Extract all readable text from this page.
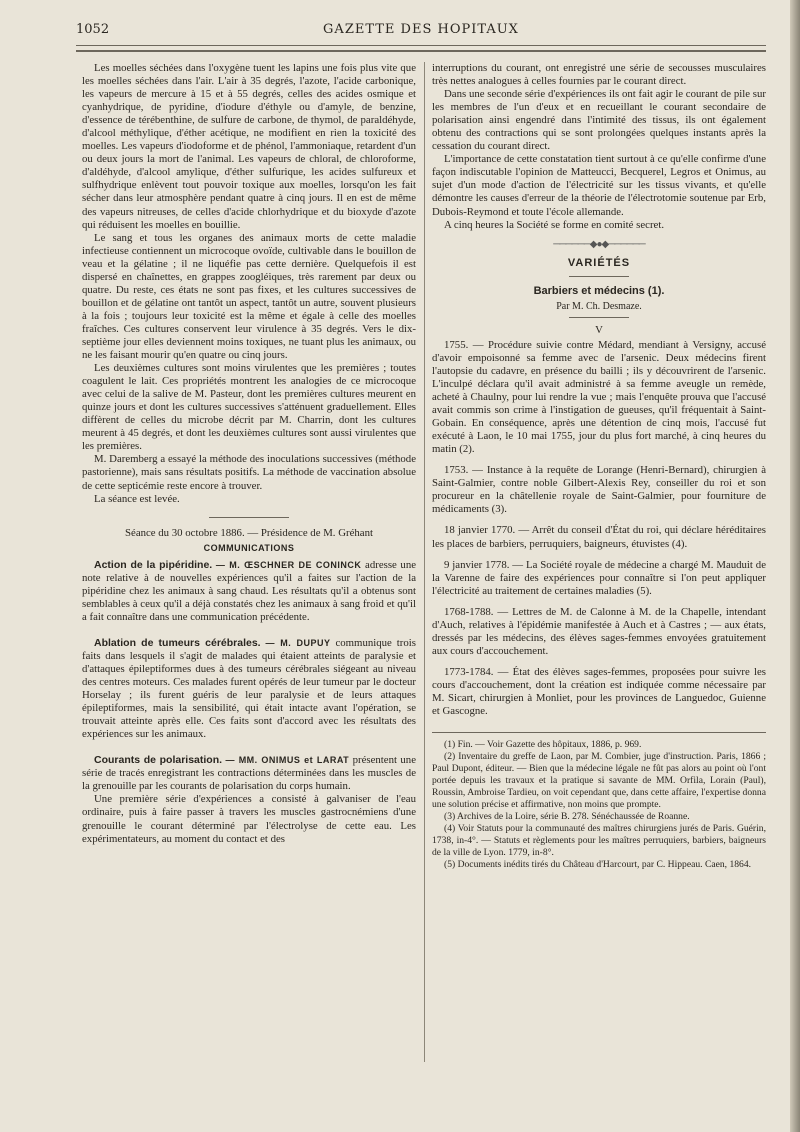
1052	GAZETTE DES HOPITAUX

Les moelles séchées dans l'oxygène tuent les lapins une fois plus vite que les moelles séchées dans l'air. L'air à 35 degrés, l'azote, l'acide carbonique, les vapeurs de mercure à 15 et à 55 degrés, celles des acides osmique et cyanhydrique, de pyridine, d'iodure d'éthyle ou d'amyle, de benzine, d'essence de térébenthine, de sulfure de carbone, de thymol, de paraldéhyde, d'alcool méthylique, d'éther acétique, ne modifient en rien la toxicité des moelles. Les vapeurs d'iodoforme et de phénol, l'ammoniaque, retardent d'un ou deux jours la mort de l'animal. Les vapeurs de chloral, de chloroforme, d'aldéhyde, d'alcool amylique, d'éther sulfurique, les acides sulfureux et sulfhydrique enlèvent tout pouvoir toxique aux moelles, lorsqu'on les fait sécher dans leur atmosphère pendant quatre à cinq jours. Il en est de même des vapeurs nitreuses, de celles d'acide chlorhydrique et du bioxyde d'azote qui réduisent les moelles en bouillie.

Le sang et tous les organes des animaux morts de cette maladie infectieuse contiennent un microcoque ovoïde, cultivable dans le bouillon de veau et la gélatine ; il ne liquéfie pas cette dernière. Quelquefois il est dispersé en chaînettes, en grappes zoogléiques, très rarement par deux ou quatre. Du reste, ces états ne sont pas fixes, et les cultures successives de bouillon et de gélatine ont tantôt un aspect, tantôt un autre, souvent plusieurs à la fois ; toujours leur toxicité est la même et égale à celle des moelles fraîches. Ces cultures conservent leur virulence à 35 degrés. Vers le dix-septième jour elles deviennent moins toxiques, ne tuant plus les animaux, ou ne les faisant mourir qu'en quatre ou cinq jours.

Les deuxièmes cultures sont moins virulentes que les premières ; toutes coagulent le lait. Ces propriétés montrent les analogies de ce microcoque avec celui de la salive de M. Pasteur, dont les premières cultures meurent en quinze jours et dont les cultures successives s'atténuent graduellement. Elles diffèrent de celles du microbe décrit par M. Charrin, dont les cultures meurent à 45 degrés, et dont les deuxièmes cultures sont aussi virulentes que les premières.

M. Daremberg a essayé la méthode des inoculations successives (méthode pastorienne), mais sans résultats positifs. La méthode de vaccination absolue de cette septicémie reste encore à trouver.

La séance est levée.

Séance du 30 octobre 1886. — Présidence de M. Gréhant

COMMUNICATIONS

Action de la pipéridine. — M. ŒSCHNER DE CONINCK adresse une note relative à de nouvelles expériences qu'il a faites sur l'action de la pipéridine chez les animaux à sang chaud. Les résultats qu'il a obtenus sont semblables à ceux qu'il a déjà constatés chez les animaux à sang froid et qu'il a fait connaître dans une communication précédente.

Ablation de tumeurs cérébrales. — M. DUPUY communique trois faits dans lesquels il s'agit de malades qui étaient atteints de paralysie et d'attaques épileptiformes dues à des tumeurs cérébrales siégeant au niveau des centres moteurs. Ces malades furent opérés de leur tumeur par le docteur Horselay ; ils furent guéris de leur paralysie et de leurs attaques épileptiformes, mais la sensibilité, qui était intacte avant l'opération, se trouvait atteinte après elle. Ces faits sont d'accord avec les résultats des expériences sur les animaux.

Courants de polarisation. — MM. ONIMUS et LARAT présentent une série de tracés enregistrant les contractions déterminées dans les muscles de la grenouille par les courants de polarisation du corps humain.

Une première série d'expériences a consisté à galvaniser de l'eau ordinaire, puis à faire passer à travers les muscles gastrocnémiens d'une grenouille le courant déterminé par l'électrolyse de cette eau. Les expérimentateurs, au moment du contact et des

interruptions du courant, ont enregistré une série de secousses musculaires très nettes analogues à celles fournies par le courant direct.

Dans une seconde série d'expériences ils ont fait agir le courant de pile sur les membres de l'un d'eux et en recueillant le courant secondaire de polarisation ainsi engendré dans l'intimité des tissus, ils ont également obtenu des contractions qui se sont prolongées quelques instants après la cessation du courant direct.

L'importance de cette constatation tient surtout à ce qu'elle confirme d'une façon indiscutable l'opinion de Matteucci, Becquerel, Legros et Onimus, au sujet d'un mode d'action de l'électricité sur les tissus vivants, et qu'elle démontre les causes d'erreur de la théorie de l'électrotomie soutenue par Erb, Dubois-Reymond et toute l'école allemande.

A cinq heures la Société se forme en comité secret.

──────◆●◆──────
VARIÉTÉS
Barbiers et médecins (1).
Par M. Ch. Desmaze.
V

1755. — Procédure suivie contre Médard, mendiant à Versigny, accusé d'avoir empoisonné sa femme avec de l'arsenic. Deux médecins firent l'autopsie du cadavre, en présence du bailli ; ils y découvrirent de l'arsenic. L'inculpé déclara qu'il avait administré à sa femme aveugle un remède, acheté à Chaulny, pour lui rendre la vue ; mais l'enquête prouva que l'accusé avait commis son crime à l'instigation de gueuses, qu'il fréquentait à Saint-Gobain. En conséquence, après une détention de cinq mois, l'accusé fut exécuté à Laon, le 10 mai 1755, jour du plus fort marché, à cinq heures du matin (2).

1753. — Instance à la requête de Lorange (Henri-Bernard), chirurgien à Saint-Galmier, contre noble Gilbert-Alexis Rey, conseiller du roi et son procureur en la châtellenie royale de Saint-Galmier, pour fourniture de médicaments (3).

18 janvier 1770. — Arrêt du conseil d'État du roi, qui déclare héréditaires les places de barbiers, perruquiers, baigneurs, étuvistes (4).

9 janvier 1778. — La Société royale de médecine a chargé M. Mauduit de la Varenne de faire des expériences pour connaître si l'on peut appliquer l'électricité au traitement de certaines maladies (5).

1768-1788. — Lettres de M. de Calonne à M. de la Chapelle, intendant d'Auch, relatives à l'épidémie manifestée à Auch et à Castres ; — aux états, dressés par les médecins, des élèves sages-femmes envoyées gratuitement aux cours d'accouchement.

1773-1784. — État des élèves sages-femmes, proposées pour suivre les cours d'accouchement, dont la création est indiquée comme nécessaire par M. Sicart, chirurgien à Monliet, pour les provinces de Languedoc, Guienne et Gascogne.

(1) Fin. — Voir Gazette des hôpitaux, 1886, p. 969.

(2) Inventaire du greffe de Laon, par M. Combier, juge d'instruction. Paris, 1866 ; Paul Dupont, éditeur. — Bien que la médecine légale ne fût pas alors au point où l'ont portée depuis les travaux et la pratique si savante de MM. Orfila, Lorain (Paul), Roussin, Ambroise Tardieu, on voit cependant que, dans cette affaire, l'expertise donna une solution précise et affirmative, non moins que prompte.

(3) Archives de la Loire, série B. 278. Sénéchaussée de Roanne.

(4) Voir Statuts pour la communauté des maîtres chirurgiens jurés de Paris. Guérin, 1738, in-4°. — Statuts et règlements pour les maîtres perruquiers, barbiers, baigneurs de la ville de Lyon. 1779, in-8°.

(5) Documents inédits tirés du Château d'Harcourt, par C. Hippeau. Caen, 1864.
